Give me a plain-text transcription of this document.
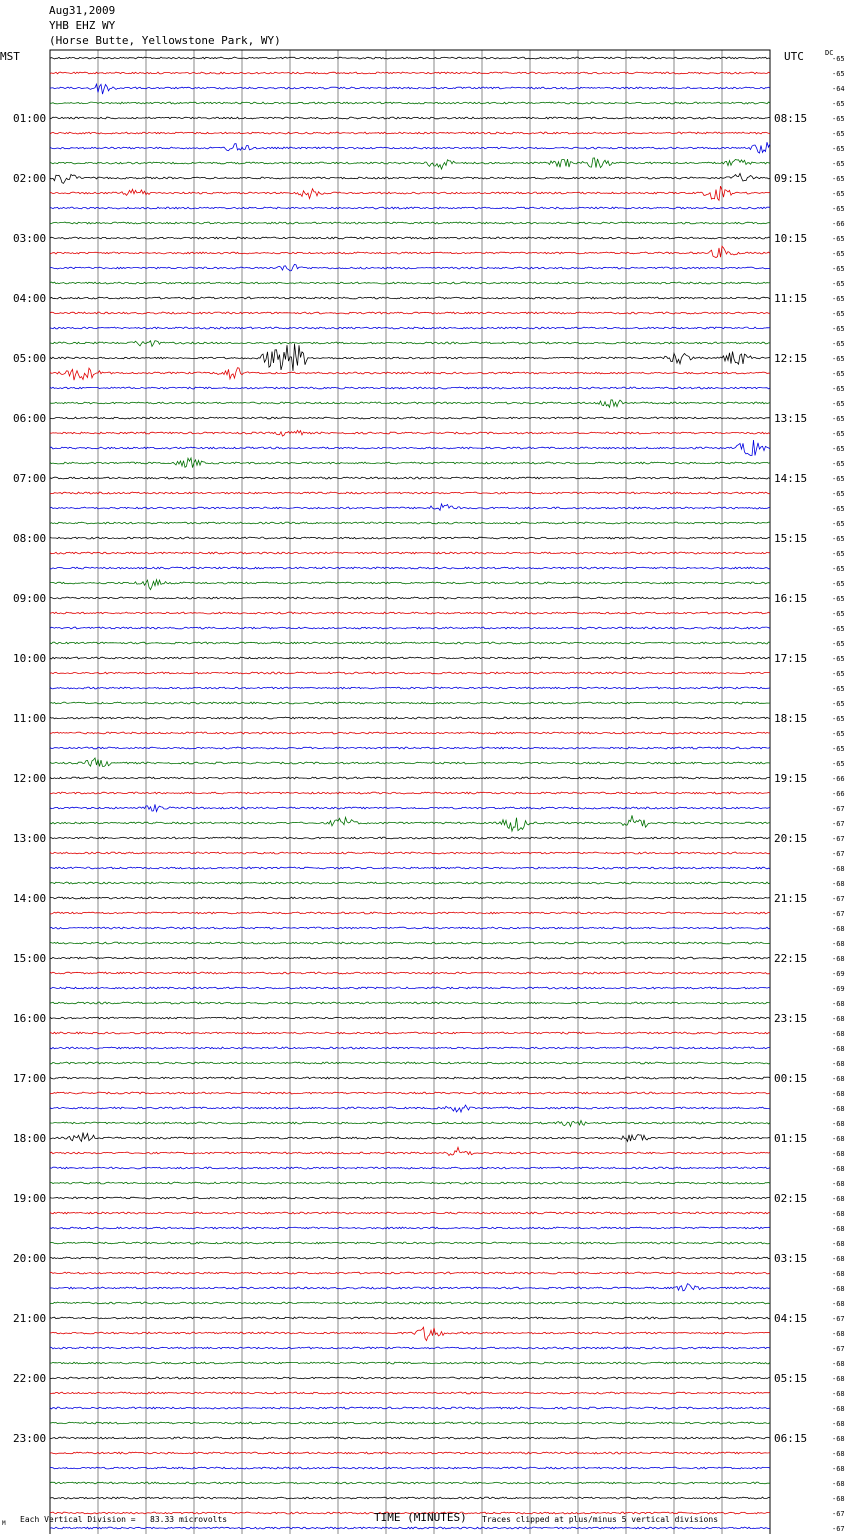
Aug31,2009
YHB EHZ WY
(Horse Butte, Yellowstone Park, WY)
MST	UTC	DC
-65
-65
-64
-65
-65
-65
-65
-65
-65
-65
-65
-66
-65
-65
-65
-65
-65
-65
-65
-65
-65
-65
-65
-65
-65
-65
-65
-65
-65
-65
-65
-65
-65
-65
-65
-65
-65
-65
-65
-65
-65
-65
-65
-65
-65
-65
-65
-65
-66
-66
-67
-67
-67
-67
-68
-68
-67
-67
-68
-68
-68
-69
-69
-68
-68
-68
-68
-68
-68
-68
-68
-68
-68
-68
-68
-68
-68
-68
-68
-68
-68
-68
-68
-68
-67
-68
-67
-68
-68
-68
-68
-68
-68
-68
-68
-68
-68
-67
-67
01:00
02:00
03:00
04:00
05:00
06:00
07:00
08:00
09:00
10:00
11:00
12:00
13:00
14:00
15:00
16:00
17:00
18:00
19:00
20:00
21:00
22:00
23:00
08:15
09:15
10:15
11:15
12:15
13:15
14:15
15:15
16:15
17:15
18:15
19:15
20:15
21:15
22:15
23:15
00:15
01:15
02:15
03:15
04:15
05:15
06:15
M Each Vertical Division =   83.33 microvolts	TIME (MINUTES) Traces clipped at plus/minus 5 vertical divisions
